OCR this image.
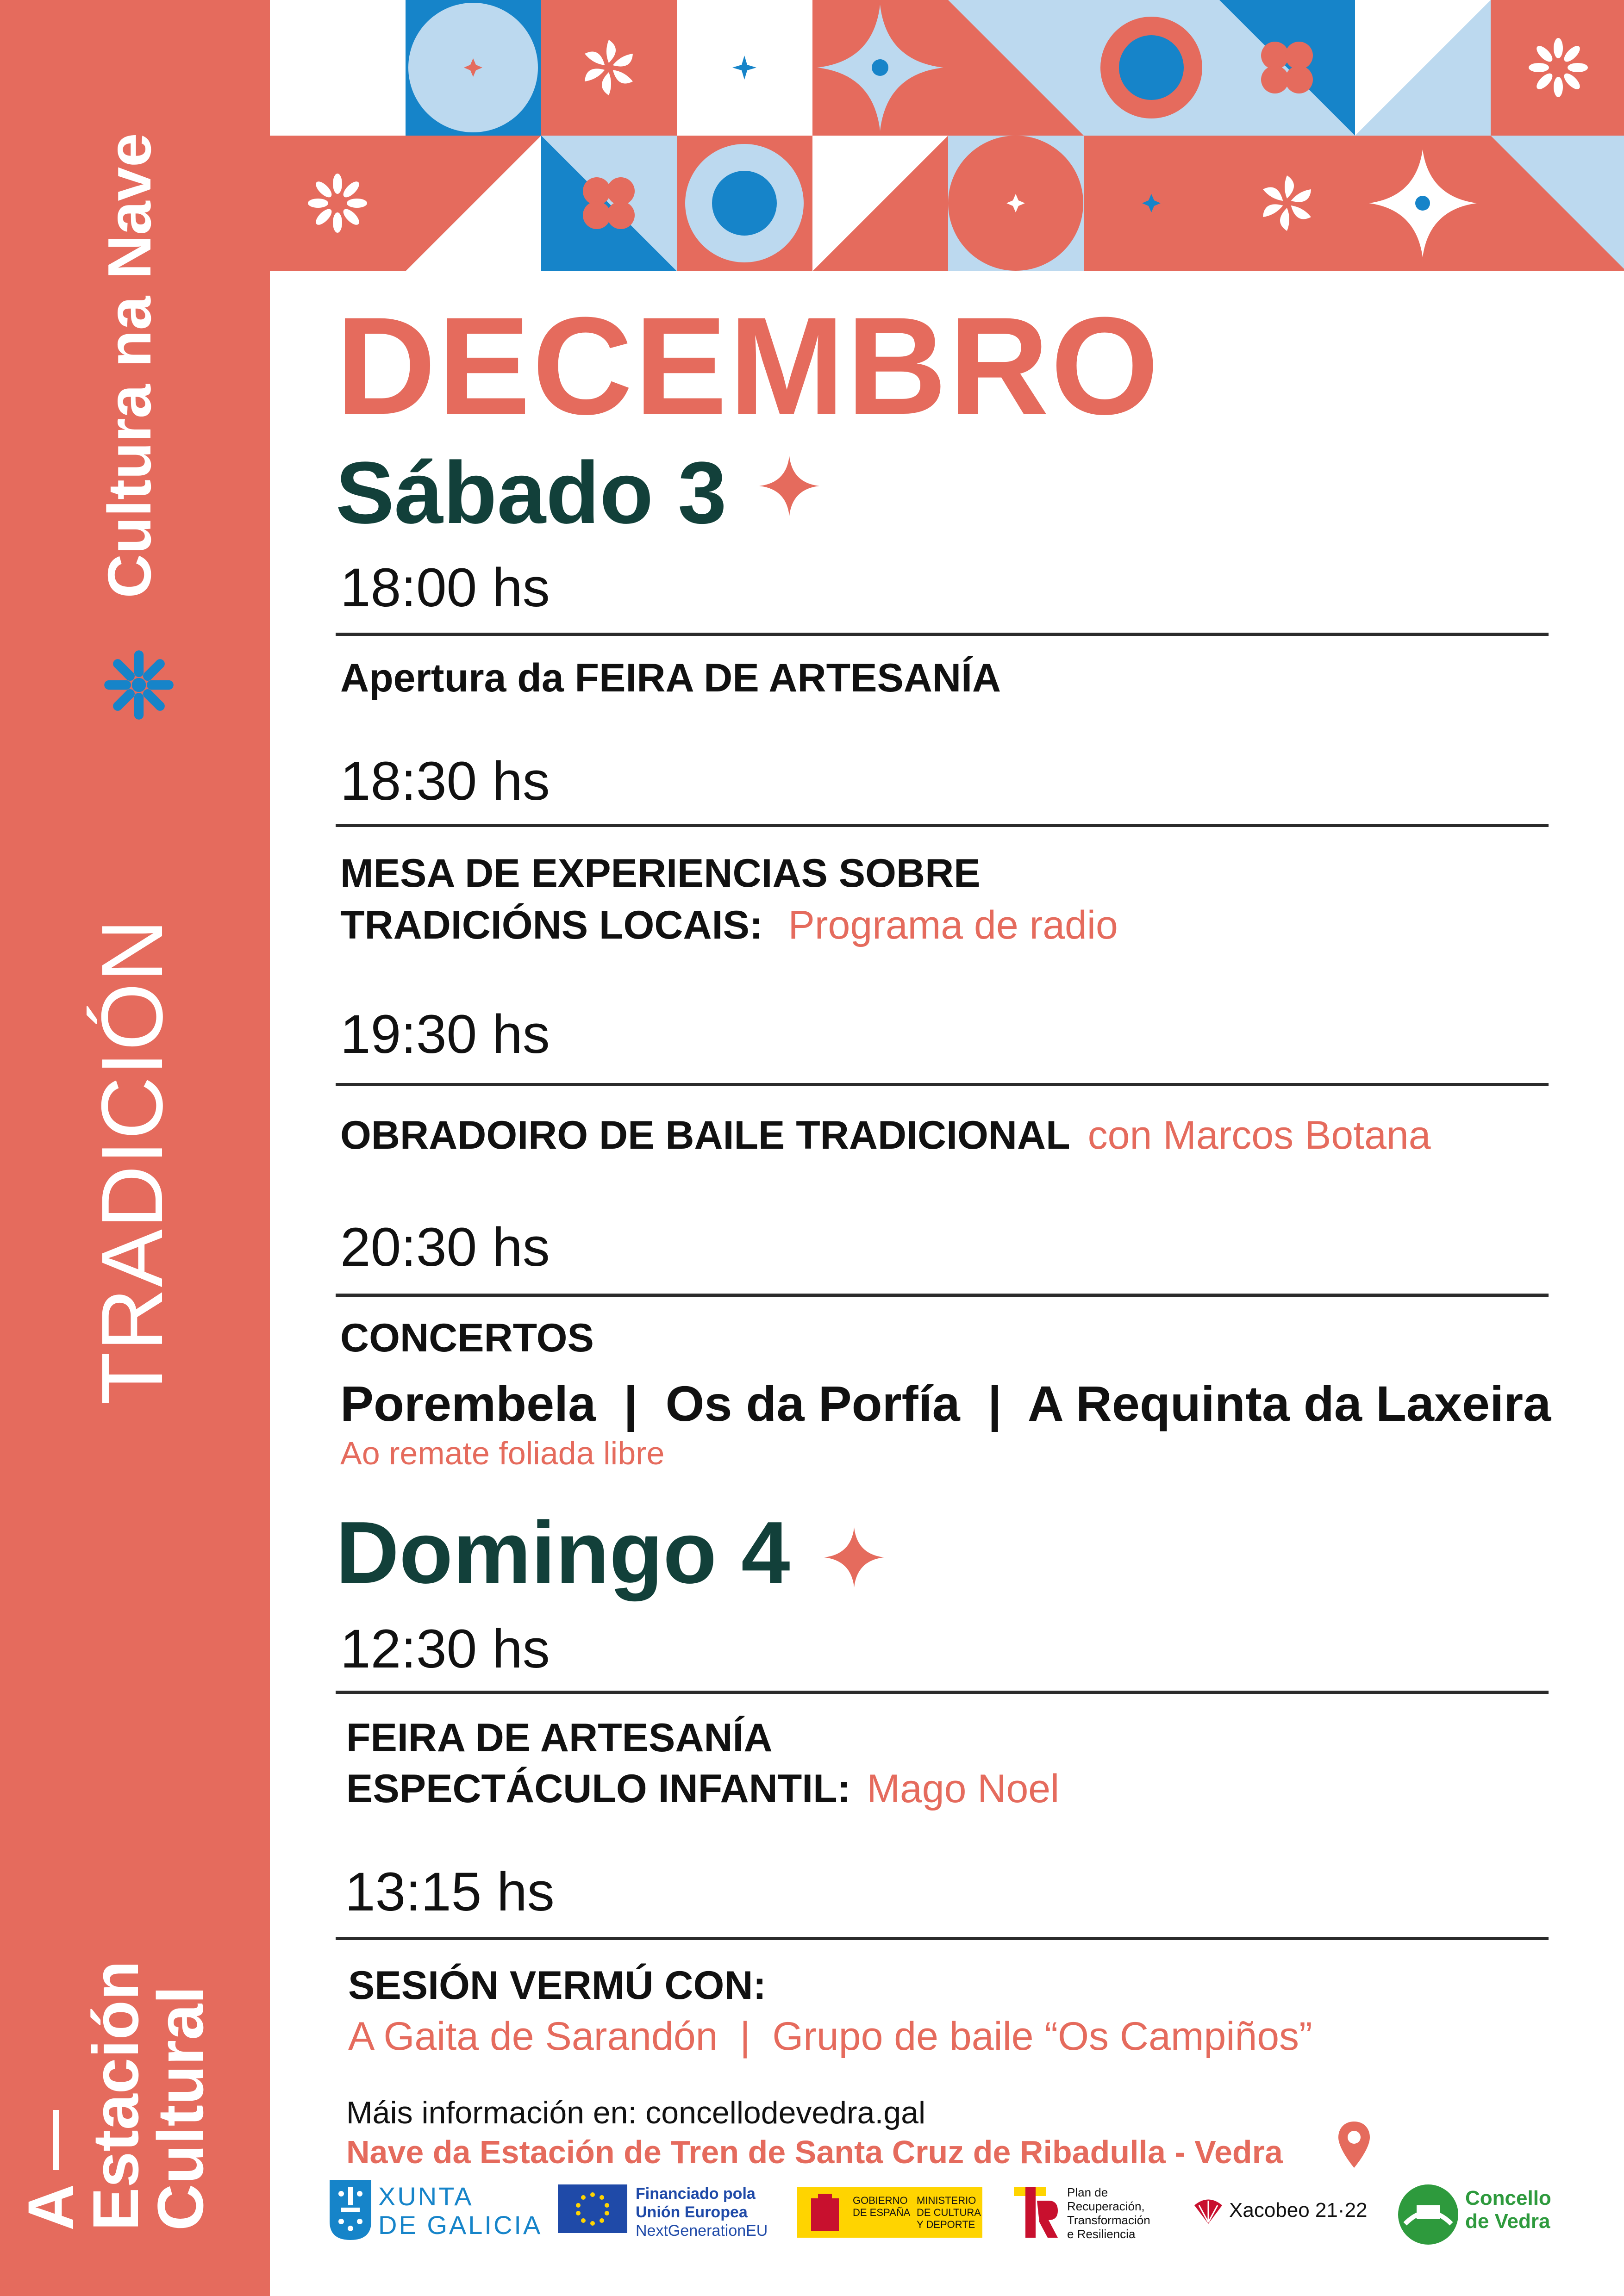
Cultura na Nave
TRADICIÓN
A
Estación
Cultural
DECEMBRO
Sábado 3
18:00 hs
Apertura da FEIRA DE ARTESANÍA
18:30 hs
MESA DE EXPERIENCIAS SOBRE
TRADICIÓNS LOCAIS: Programa de radio
19:30 hs
OBRADOIRO DE BAILE TRADICIONAL con Marcos Botana
20:30 hs
CONCERTOS
Porembela  |  Os da Porfía  |  A Requinta da Laxeira
Ao remate foliada libre
Domingo 4
12:30 hs
FEIRA DE ARTESANÍA
ESPECTÁCULO INFANTIL: Mago Noel
13:15 hs
SESIÓN VERMÚ CON:
A Gaita de Sarandón  |  Grupo de baile “Os Campiños”
Máis información en: concellodevedra.gal
Nave da Estación de Tren de Santa Cruz de Ribadulla - Vedra
XUNTA
DE GALICIA
Financiado pola
Unión Europea
NextGenerationEU
GOBIERNO
DE ESPAÑA
MINISTERIO
DE CULTURA
Y DEPORTE
Plan de
Recuperación,
Transformación
e Resiliencia
Xacobeo 21·22
Concello
de Vedra
